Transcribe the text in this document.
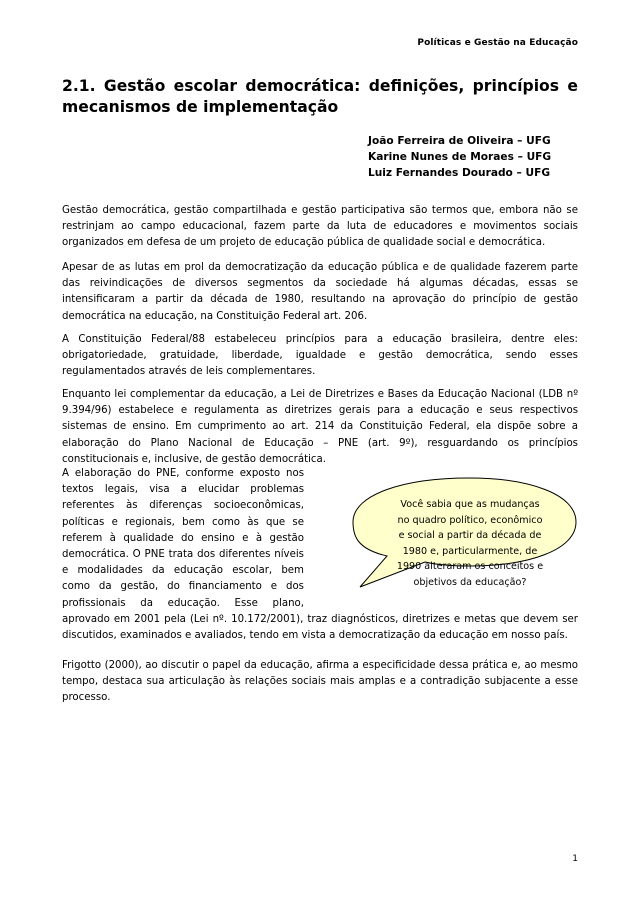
Políticas e Gestão na Educação

2.1. Gestão escolar democrática: definições, princípios e mecanismos de implementação
João Ferreira de Oliveira – UFG
Karine Nunes de Moraes – UFG
Luiz Fernandes Dourado – UFG

Gestão democrática, gestão compartilhada e gestão participativa são termos que, embora não se restrinjam ao campo educacional, fazem parte da luta de educadores e movimentos sociais organizados em defesa de um projeto de educação pública de qualidade social e democrática.

Apesar de as lutas em prol da democratização da educação pública e de qualidade fazerem parte das reivindicações de diversos segmentos da sociedade há algumas décadas, essas se intensificaram a partir da década de 1980, resultando na aprovação do princípio de gestão democrática na educação, na Constituição Federal art. 206.

A Constituição Federal/88 estabeleceu princípios para a educação brasileira, dentre eles: obrigatoriedade, gratuidade, liberdade, igualdade e gestão democrática, sendo esses regulamentados através de leis complementares.

Enquanto lei complementar da educação, a Lei de Diretrizes e Bases da Educação Nacional (LDB nº 9.394/96) estabelece e regulamenta as diretrizes gerais para a educação e seus respectivos sistemas de ensino. Em cumprimento ao art. 214 da Constituição Federal, ela dispõe sobre a elaboração do Plano Nacional de Educação – PNE (art. 9º), resguardando os princípios constitucionais e, inclusive, de gestão democrática.

A elaboração do PNE, conforme exposto nos textos legais, visa a elucidar problemas referentes às diferenças socioeconômicas, políticas e regionais, bem como às que se referem à qualidade do ensino e à gestão democrática. O PNE trata dos diferentes níveis e modalidades da educação escolar, bem como da gestão, do financiamento e dos profissionais da educação. Esse plano, aprovado em 2001 pela (Lei nº. 10.172/2001), traz diagnósticos, diretrizes e metas que devem ser discutidos, examinados e avaliados, tendo em vista a democratização da educação em nosso país.

Você sabia que as mudanças no quadro político, econômico e social a partir da década de 1980 e, particularmente, de 1990 alteraram os conceitos e objetivos da educação?

Frigotto (2000), ao discutir o papel da educação, afirma a especificidade dessa prática e, ao mesmo tempo, destaca sua articulação às relações sociais mais amplas e a contradição subjacente a esse processo.

1
